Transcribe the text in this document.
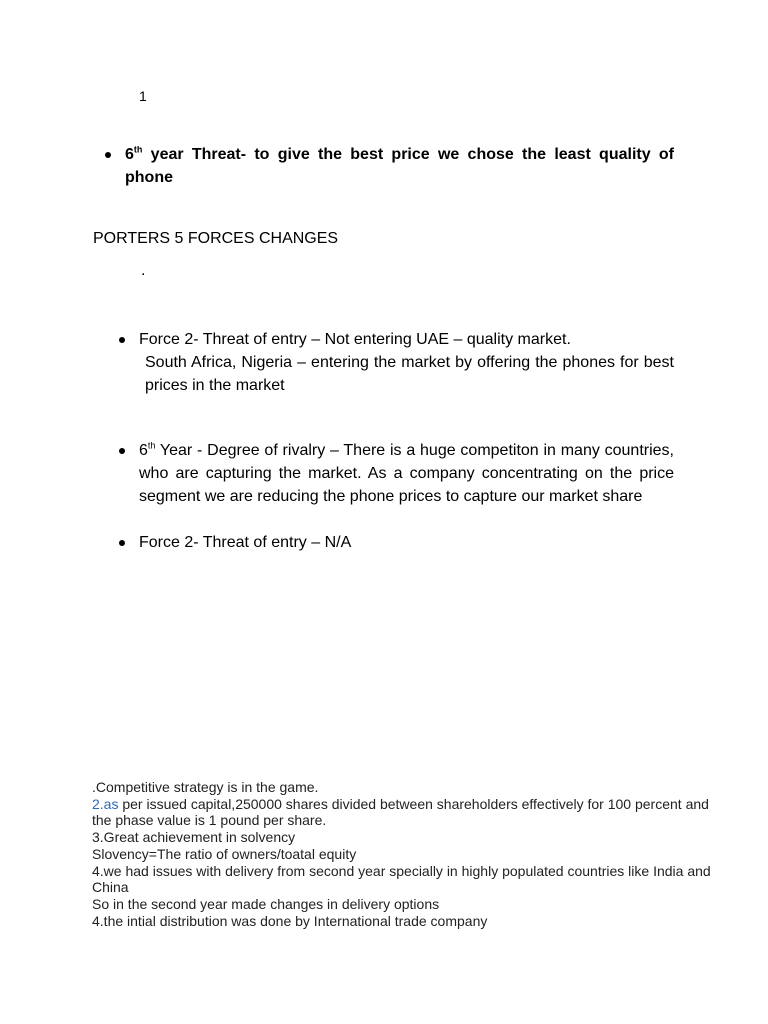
1
6th year Threat- to give the best price we chose the least quality of phone
PORTERS 5 FORCES CHANGES
.
Force 2- Threat of entry – Not entering UAE – quality market.
South Africa, Nigeria – entering the market by offering the phones for best prices in the market
6th Year - Degree of rivalry – There is a huge competiton in many countries, who are capturing the market. As a company concentrating on the price segment we are reducing the phone prices to capture our market share
Force 2- Threat of entry – N/A
.Competitive strategy is in the game.
2.as per issued capital,250000 shares divided between shareholders effectively for 100 percent and the phase value is 1 pound per share.
3.Great achievement in solvency
Slovency=The ratio of owners/toatal equity
4.we had issues with delivery from second year specially in highly populated countries like India and China
So in the second year made changes in delivery options
4.the intial distribution was done by International trade company
